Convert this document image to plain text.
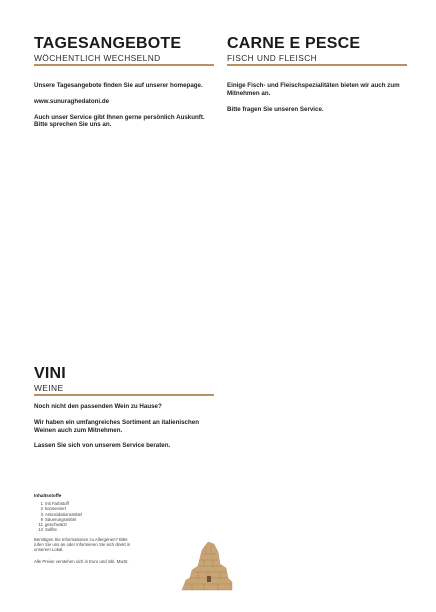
TAGESANGEBOTE
WÖCHENTLICH WECHSELND

Unsere Tagesangebote finden Sie auf unserer homepage.

www.sunuraghedatoni.de

Auch unser Service gibt Ihnen gerne persönlich Auskunft. Bitte sprechen Sie uns an.

CARNE E PESCE
FISCH UND FLEISCH

Einige Fisch- und Fleischspezialitäten bieten wir auch zum Mitnehmen an.

Bitte fragen Sie unseren Service.

VINI
WEINE

Noch nicht den passenden Wein zu Hause?

Wir haben ein umfangreiches Sortiment an italienischen Weinen auch zum Mitnehmen.

Lassen Sie sich von unserem Service beraten.

Inhaltsstoffe
1 mit Farbstoff
2 konserviert
3 Antioxidationsmittel
9 Säuerungsmittel
11 geschwärzt
13 Sulfite

Benötigen Sie Informationen zu Allergenen? Bitte rufen Sie uns an oder informieren Sie sich direkt in unserem Lokal.

Alle Preise verstehen sich in Euro und inkl. MwSt.
